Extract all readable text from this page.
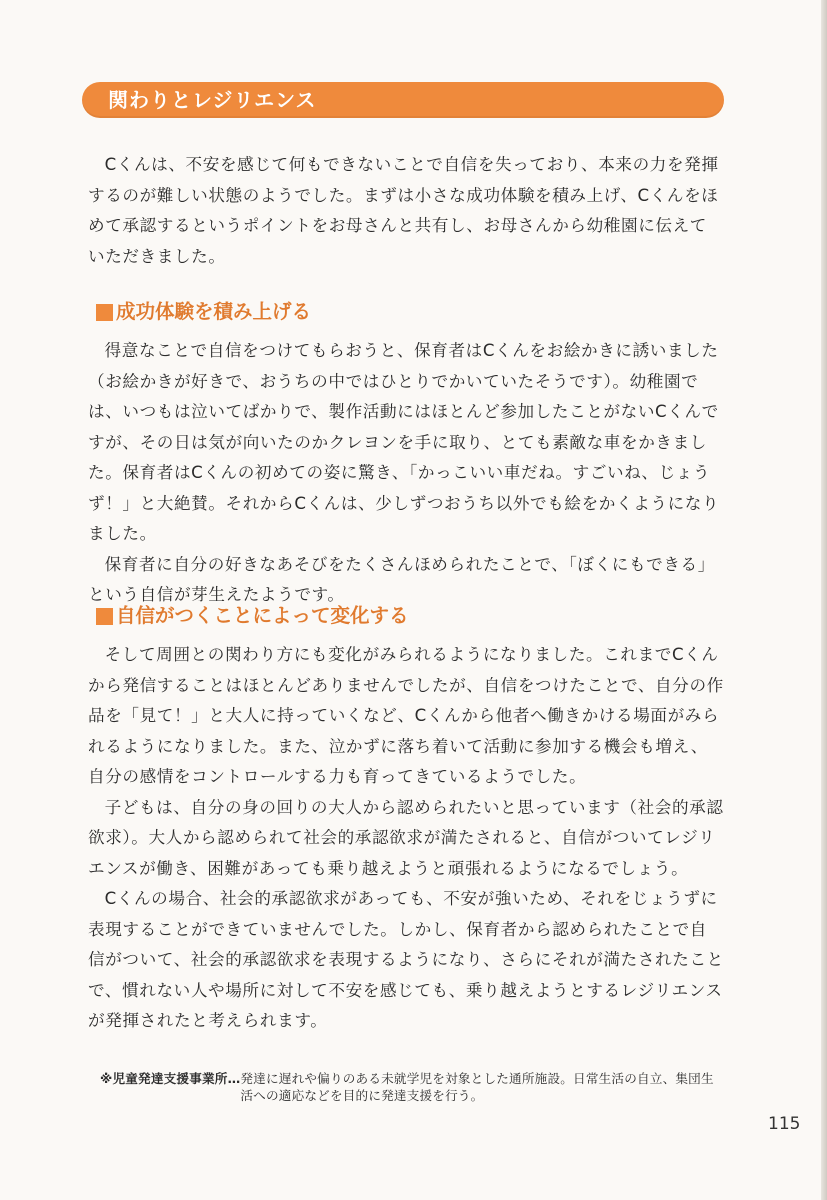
関わりとレジリエンス

Cくんは、不安を感じて何もできないことで自信を失っており、本来の力を発揮するのが難しい状態のようでした。まずは小さな成功体験を積み上げ、Cくんをほめて承認するというポイントをお母さんと共有し、お母さんから幼稚園に伝えていただきました。

成功体験を積み上げる

得意なことで自信をつけてもらおうと、保育者はCくんをお絵かきに誘いました（お絵かきが好きで、おうちの中ではひとりでかいていたそうです）。幼稚園では、いつもは泣いてばかりで、製作活動にはほとんど参加したことがないCくんですが、その日は気が向いたのかクレヨンを手に取り、とても素敵な車をかきました。保育者はCくんの初めての姿に驚き、「かっこいい車だね。すごいね、じょうず！」と大絶賛。それからCくんは、少しずつおうち以外でも絵をかくようになりました。

保育者に自分の好きなあそびをたくさんほめられたことで、「ぼくにもできる」という自信が芽生えたようです。

自信がつくことによって変化する

そして周囲との関わり方にも変化がみられるようになりました。これまでCくんから発信することはほとんどありませんでしたが、自信をつけたことで、自分の作品を「見て！」と大人に持っていくなど、Cくんから他者へ働きかける場面がみられるようになりました。また、泣かずに落ち着いて活動に参加する機会も増え、自分の感情をコントロールする力も育ってきているようでした。

子どもは、自分の身の回りの大人から認められたいと思っています（社会的承認欲求）。大人から認められて社会的承認欲求が満たされると、自信がついてレジリエンスが働き、困難があっても乗り越えようと頑張れるようになるでしょう。

Cくんの場合、社会的承認欲求があっても、不安が強いため、それをじょうずに表現することができていませんでした。しかし、保育者から認められたことで自信がついて、社会的承認欲求を表現するようになり、さらにそれが満たされたことで、慣れない人や場所に対して不安を感じても、乗り越えようとするレジリエンスが発揮されたと考えられます。

※児童発達支援事業所… 発達に遅れや偏りのある未就学児を対象とした通所施設。日常生活の自立、集団生活への適応などを目的に発達支援を行う。
115
